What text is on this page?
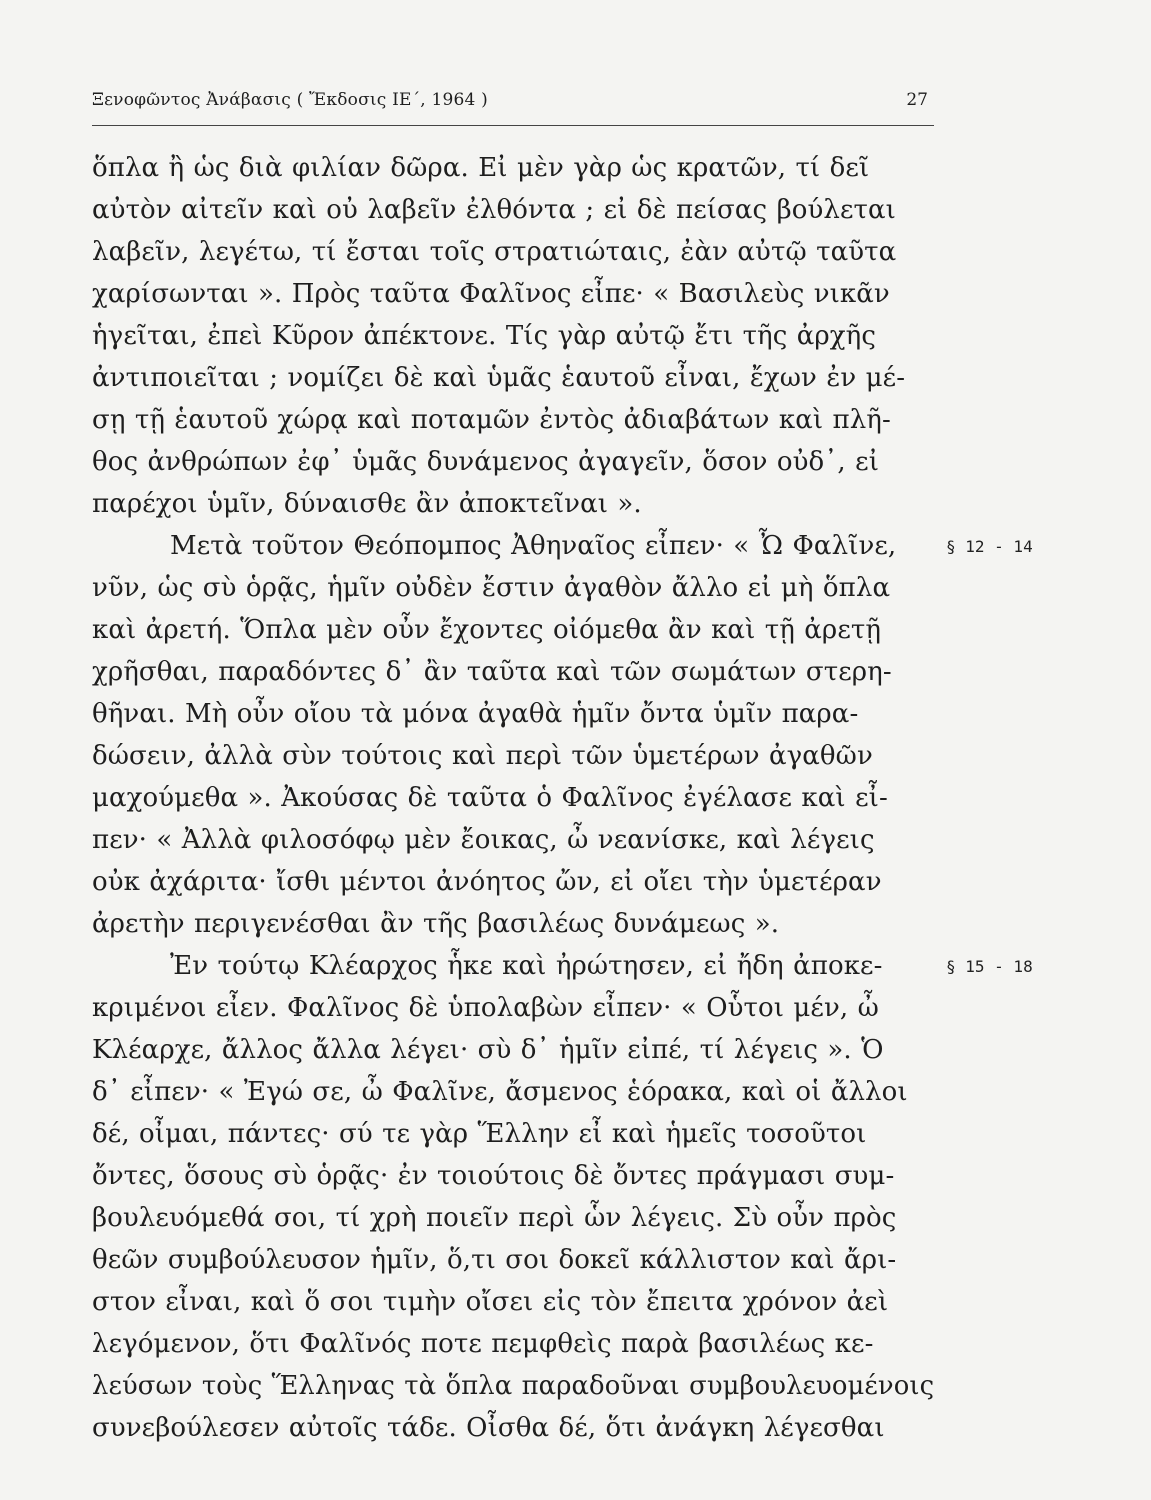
Ξενοφῶντος Ἀνάβασις ( Ἔκδοσις ΙΕ΄, 1964 )	27
ὅπλα ἢ ὡς διὰ φιλίαν δῶρα. Εἰ μὲν γὰρ ὡς κρατῶν, τί δεῖ
αὐτὸν αἰτεῖν καὶ οὐ λαβεῖν ἐλθόντα ; εἰ δὲ πείσας βούλεται
λαβεῖν, λεγέτω, τί ἔσται τοῖς στρατιώταις, ἐὰν αὐτῷ ταῦτα
χαρίσωνται ». Πρὸς ταῦτα Φαλῖνος εἶπε· « Βασιλεὺς νικᾶν
ἡγεῖται, ἐπεὶ Κῦρον ἀπέκτονε. Τίς γὰρ αὐτῷ ἔτι τῆς ἀρχῆς
ἀντιποιεῖται ; νομίζει δὲ καὶ ὑμᾶς ἑαυτοῦ εἶναι, ἔχων ἐν μέ-
σῃ τῇ ἑαυτοῦ χώρᾳ καὶ ποταμῶν ἐντὸς ἀδιαβάτων καὶ πλῆ-
θος ἀνθρώπων ἐφ᾽ ὑμᾶς δυνάμενος ἀγαγεῖν, ὅσον οὐδ᾽, εἰ
παρέχοι ὑμῖν, δύναισθε ἂν ἀποκτεῖναι ».
Μετὰ τοῦτον Θεόπομπος Ἀθηναῖος εἶπεν· « Ὦ Φαλῖνε,
νῦν, ὡς σὺ ὁρᾷς, ἡμῖν οὐδὲν ἔστιν ἀγαθὸν ἄλλο εἰ μὴ ὅπλα
καὶ ἀρετή. Ὅπλα μὲν οὖν ἔχοντες οἰόμεθα ἂν καὶ τῇ ἀρετῇ
χρῆσθαι, παραδόντες δ᾽ ἂν ταῦτα καὶ τῶν σωμάτων στερη-
θῆναι. Μὴ οὖν οἴου τὰ μόνα ἀγαθὰ ἡμῖν ὄντα ὑμῖν παρα-
δώσειν, ἀλλὰ σὺν τούτοις καὶ περὶ τῶν ὑμετέρων ἀγαθῶν
μαχούμεθα ». Ἀκούσας δὲ ταῦτα ὁ Φαλῖνος ἐγέλασε καὶ εἶ-
πεν· « Ἀλλὰ φιλοσόφῳ μὲν ἔοικας, ὦ νεανίσκε, καὶ λέγεις
οὐκ ἀχάριτα· ἴσθι μέντοι ἀνόητος ὤν, εἰ οἴει τὴν ὑμετέραν
ἀρετὴν περιγενέσθαι ἂν τῆς βασιλέως δυνάμεως ».
Ἐν τούτῳ Κλέαρχος ἧκε καὶ ἠρώτησεν, εἰ ἤδη ἀποκε-
κριμένοι εἶεν. Φαλῖνος δὲ ὑπολαβὼν εἶπεν· « Οὗτοι μέν, ὦ
Κλέαρχε, ἄλλος ἄλλα λέγει· σὺ δ᾽ ἡμῖν εἰπέ, τί λέγεις ». Ὁ
δ᾽ εἶπεν· « Ἐγώ σε, ὦ Φαλῖνε, ἄσμενος ἑόρακα, καὶ οἱ ἄλλοι
δέ, οἶμαι, πάντες· σύ τε γὰρ Ἕλλην εἶ καὶ ἡμεῖς τοσοῦτοι
ὄντες, ὅσους σὺ ὁρᾷς· ἐν τοιούτοις δὲ ὄντες πράγμασι συμ-
βουλευόμεθά σοι, τί χρὴ ποιεῖν περὶ ὧν λέγεις. Σὺ οὖν πρὸς
θεῶν συμβούλευσον ἡμῖν, ὅ,τι σοι δοκεῖ κάλλιστον καὶ ἄρι-
στον εἶναι, καὶ ὅ σοι τιμὴν οἴσει εἰς τὸν ἔπειτα χρόνον ἀεὶ
λεγόμενον, ὅτι Φαλῖνός ποτε πεμφθεὶς παρὰ βασιλέως κε-
λεύσων τοὺς Ἕλληνας τὰ ὅπλα παραδοῦναι συμβουλευομένοις
συνεβούλεσεν αὐτοῖς τάδε. Οἶσθα δέ, ὅτι ἀνάγκη λέγεσθαι
§ 12 - 14
§ 15 - 18
